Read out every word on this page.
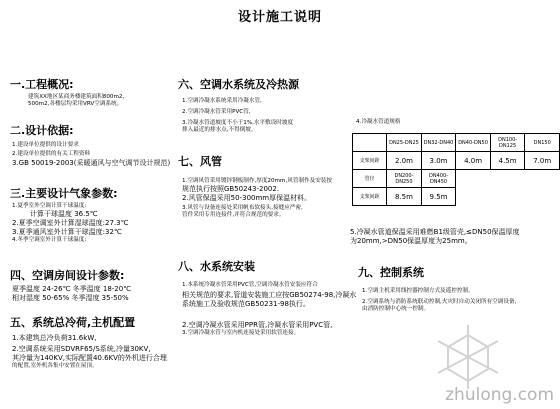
设计施工说明
一.工程概况:
建筑XX地区某商务楼建筑面积800m2,
500m2,各楼层均采用VRV空调系统。
二.设计依据:
1.建设单位提供的设计要求
2.建设单位提供的有关工程资料
3.GB 50019-2003(采暖通风与空气调节设计规范)
三.主要设计气象参数:
1.夏季室外空调计算干球温度:
计算干球温度 36.5℃
2.夏季空调室外计算湿球温度:27.3℃
3.夏季通风室外计算干球温度:32℃
4.冬季空调室外计算干球温度:
四、空调房间设计参数:
夏季温度 24-26℃ 冬季温度 18-20℃
相对湿度 50-65% 冬季湿度 35-50%
五、系统总冷荷,主机配置
1.本建筑总冷负荷31.6kW,
2.空调系统采用SDVRF65/S系统,冷量30KV,
其冷量为140KV,实际配置40.6KV的外机进行合理
的配置,室外机各集中安置在屋顶。
六、空调水系统及冷热源
1.空调冷凝水系统采用冷凝水管,
2.空调冷凝水管采用PVC管,
3.冷凝水管道坡度不小于1%,水平敷设时坡度
排入最近的排水点,不得倒坡。
七、风管
1.空调风管采用镀锌钢板制作,厚度20mm,风管制作及安装按
规范执行按照GB50243-2002.
2.风管保温采用50-300mm厚保温材料。
3.风管与设备连接处采用帆布软接头,接缝应严密,
管件采用专用连接件,并符合规范的要求。
八、水系统安装
1.本系统冷凝水管采用PVC管,空调冷凝水管安装应符合
相关规范的要求,管道安装施工应按GB50274-98,冷凝水
系统施工及验收规范GB50231-98执行。
2.空调冷凝水管采用PPR管,冷凝水管采用PVC管,
3.空调冷凝水管与室内机连接处采用软管连接。
4.冷凝水管道规格
	DN25-DN25	DN32-DN40	DN40-DN50	DN100-DN125	DN150
支架间距	2.0m	3.0m	4.0m	4.5m	7.0m
管径	DN200-DN250	DN400-DN450			
支架间距	8.5m	9.5m			
5.冷凝水管道保温采用难燃B1级管壳,≤DN50保温厚度
为20mm,>DN50保温厚度为25mm。
九、控制系统
1.空调主机采用线控器控制方式及遥控控制。
2.空调系统与消防系统联动控制,火灾时自动关闭所有空调设备,
由消防控制中心统一控制。
zhulong.com
